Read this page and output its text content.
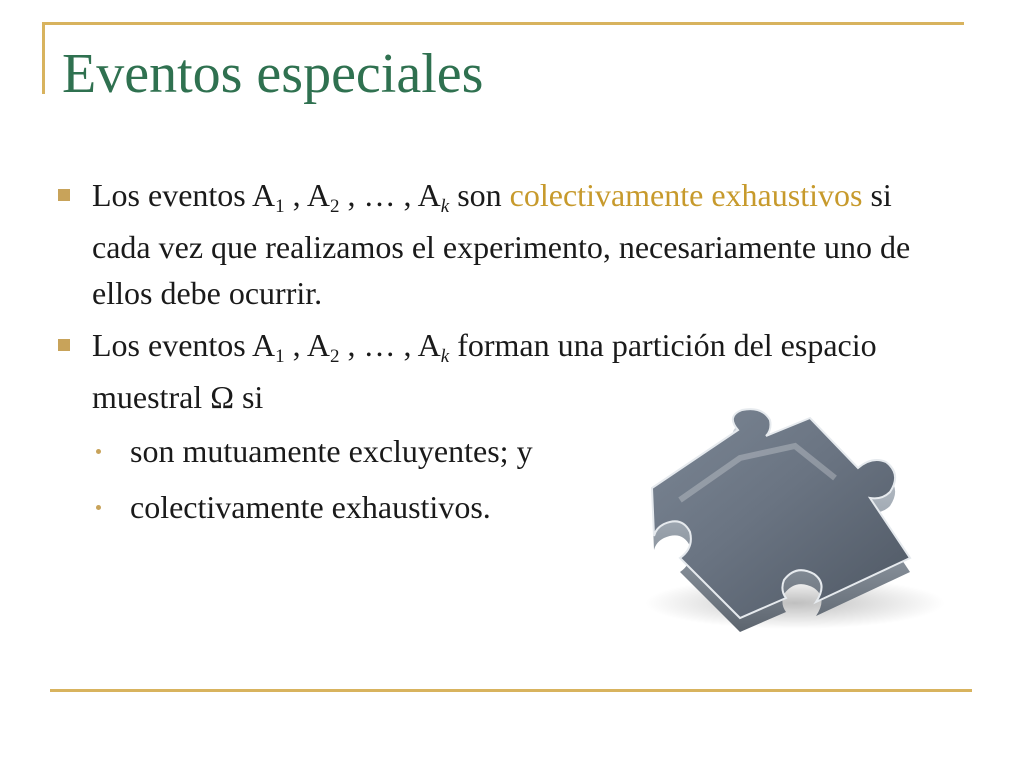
Eventos especiales
Los eventos A1 , A2 , … , Ak son colectivamente exhaustivos si cada vez que realizamos el experimento, necesariamente uno de ellos debe ocurrir.
Los eventos A1 , A2 , … , Ak forman una partición del espacio muestral Ω si
son mutuamente excluyentes; y
colectivamente exhaustivos.
